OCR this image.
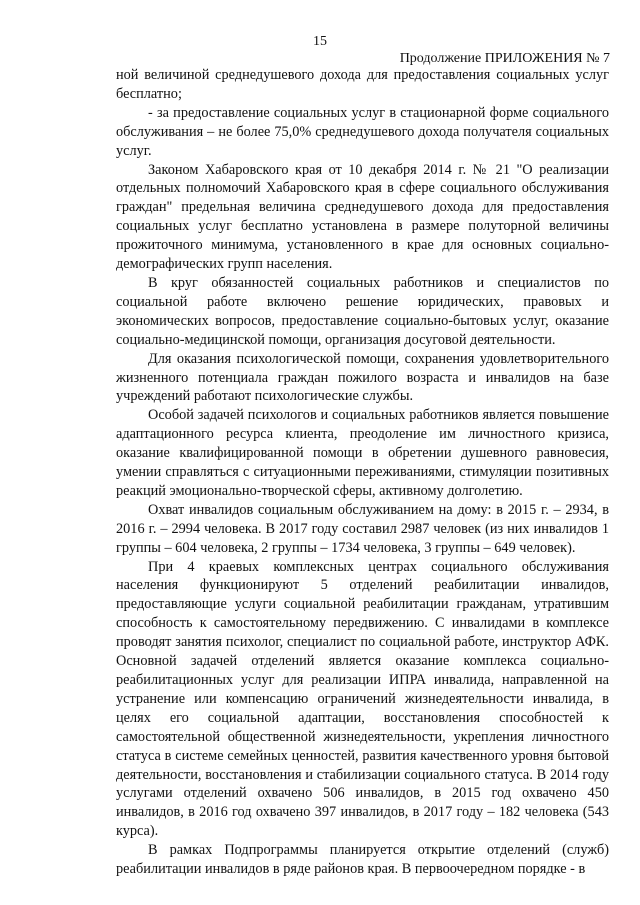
15
Продолжение ПРИЛОЖЕНИЯ № 7

ной величиной среднедушевого дохода для предоставления социальных услуг бесплатно;

- за предоставление социальных услуг в стационарной форме социального обслуживания – не более 75,0% среднедушевого дохода получателя социальных услуг.

Законом Хабаровского края от 10 декабря 2014 г. № 21 "О реализации отдельных полномочий Хабаровского края в сфере социального обслуживания граждан" предельная величина среднедушевого дохода для предоставления социальных услуг бесплатно установлена в размере полуторной величины прожиточного минимума, установленного в крае для основных социально-демографических групп населения.

В круг обязанностей социальных работников и специалистов по социальной работе включено решение юридических, правовых и экономических вопросов, предоставление социально-бытовых услуг, оказание социально-медицинской помощи, организация досуговой деятельности.

Для оказания психологической помощи, сохранения удовлетворительного жизненного потенциала граждан пожилого возраста и инвалидов на базе учреждений работают психологические службы.

Особой задачей психологов и социальных работников является повышение адаптационного ресурса клиента, преодоление им личностного кризиса, оказание квалифицированной помощи в обретении душевного равновесия, умении справляться с ситуационными переживаниями, стимуляции позитивных реакций эмоционально-творческой сферы, активному долголетию.

Охват инвалидов социальным обслуживанием на дому: в 2015 г. – 2934, в 2016 г. – 2994 человека. В 2017 году составил 2987 человек (из них инвалидов 1 группы – 604 человека, 2 группы – 1734 человека, 3 группы – 649 человек).

При 4 краевых комплексных центрах социального обслуживания населения функционируют 5 отделений реабилитации инвалидов, предоставляющие услуги социальной реабилитации гражданам, утратившим способность к самостоятельному передвижению. С инвалидами в комплексе проводят занятия психолог, специалист по социальной работе, инструктор АФК. Основной задачей отделений является оказание комплекса социально-реабилитационных услуг для реализации ИПРА инвалида, направленной на устранение или компенсацию ограничений жизнедеятельности инвалида, в целях его социальной адаптации, восстановления способностей к самостоятельной общественной жизнедеятельности, укрепления личностного статуса в системе семейных ценностей, развития качественного уровня бытовой деятельности, восстановления и стабилизации социального статуса. В 2014 году услугами отделений охвачено 506 инвалидов, в 2015 год охвачено 450 инвалидов, в 2016 год охвачено 397 инвалидов, в 2017 году – 182 человека (543 курса).

В рамках Подпрограммы планируется открытие отделений (служб) реабилитации инвалидов в ряде районов края. В первоочередном порядке - в
